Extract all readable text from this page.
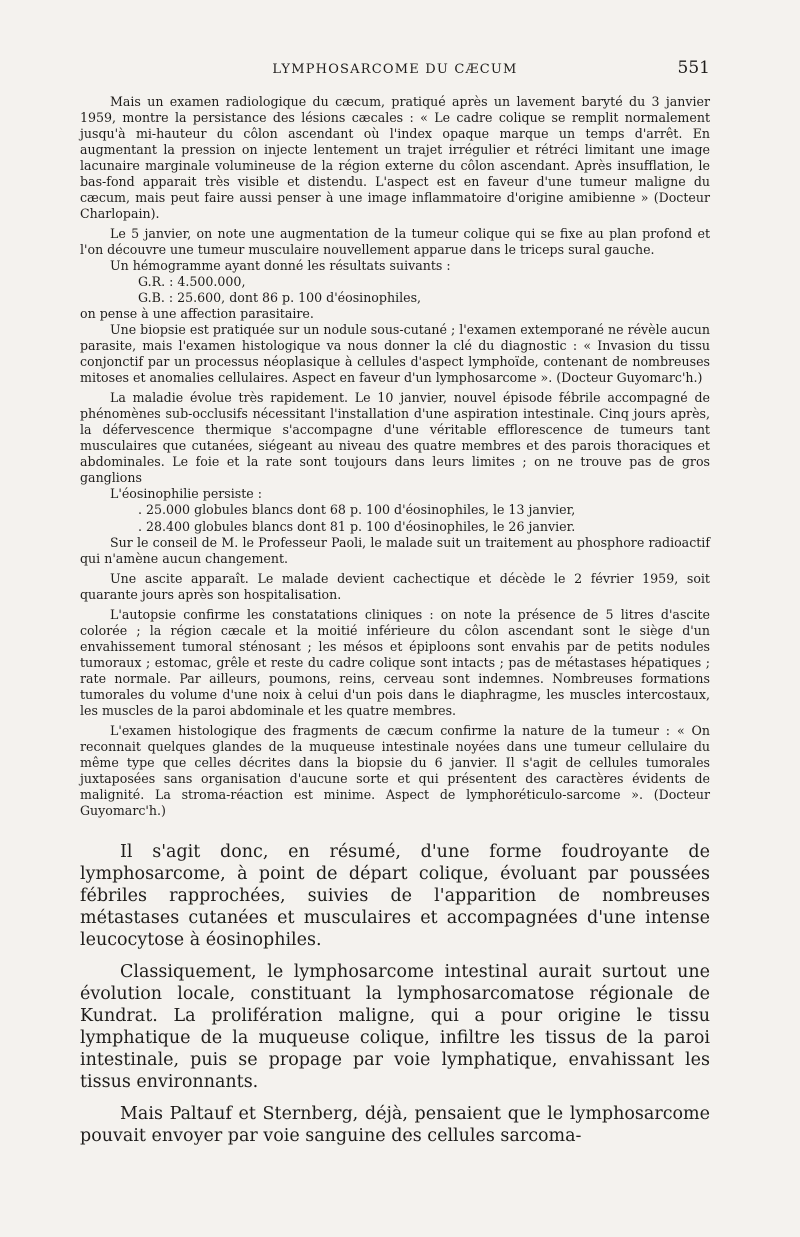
LYMPHOSARCOME DU CÆCUM	551

Mais un examen radiologique du cæcum, pratiqué après un lavement baryté du 3 janvier 1959, montre la persistance des lésions cæcales : « Le cadre colique se remplit normalement jusqu'à mi-hauteur du côlon ascendant où l'index opaque marque un temps d'arrêt. En augmentant la pression on injecte lentement un trajet irrégulier et rétréci limitant une image lacunaire marginale volumineuse de la région externe du côlon ascendant. Après insufflation, le bas-fond apparait très visible et distendu. L'aspect est en faveur d'une tumeur maligne du cæcum, mais peut faire aussi penser à une image inflammatoire d'origine amibienne » (Docteur Charlopain).

Le 5 janvier, on note une augmentation de la tumeur colique qui se fixe au plan profond et l'on découvre une tumeur musculaire nouvellement apparue dans le triceps sural gauche.

Un hémogramme ayant donné les résultats suivants :

G.R. : 4.500.000,
G.B. : 25.600, dont 86 p. 100 d'éosinophiles,

on pense à une affection parasitaire.

Une biopsie est pratiquée sur un nodule sous-cutané ; l'examen extemporané ne révèle aucun parasite, mais l'examen histologique va nous donner la clé du diagnostic : « Invasion du tissu conjonctif par un processus néoplasique à cellules d'aspect lymphoïde, contenant de nombreuses mitoses et anomalies cellulaires. Aspect en faveur d'un lymphosarcome ». (Docteur Guyomarc'h.)

La maladie évolue très rapidement. Le 10 janvier, nouvel épisode fébrile accompagné de phénomènes sub-occlusifs nécessitant l'installation d'une aspiration intestinale. Cinq jours après, la défervescence thermique s'accompagne d'une véritable efflorescence de tumeurs tant musculaires que cutanées, siégeant au niveau des quatre membres et des parois thoraciques et abdominales. Le foie et la rate sont toujours dans leurs limites ; on ne trouve pas de gros ganglions

L'éosinophilie persiste :

. 25.000 globules blancs dont 68 p. 100 d'éosinophiles, le 13 janvier,
. 28.400 globules blancs dont 81 p. 100 d'éosinophiles, le 26 janvier.

Sur le conseil de M. le Professeur Paoli, le malade suit un traitement au phosphore radioactif qui n'amène aucun changement.

Une ascite apparaît. Le malade devient cachectique et décède le 2 février 1959, soit quarante jours après son hospitalisation.

L'autopsie confirme les constatations cliniques : on note la présence de 5 litres d'ascite colorée ; la région cæcale et la moitié inférieure du côlon ascendant sont le siège d'un envahissement tumoral sténosant ; les mésos et épiploons sont envahis par de petits nodules tumoraux ; estomac, grêle et reste du cadre colique sont intacts ; pas de métastases hépatiques ; rate normale. Par ailleurs, poumons, reins, cerveau sont indemnes. Nombreuses formations tumorales du volume d'une noix à celui d'un pois dans le diaphragme, les muscles intercostaux, les muscles de la paroi abdominale et les quatre membres.

L'examen histologique des fragments de cæcum confirme la nature de la tumeur : « On reconnait quelques glandes de la muqueuse intestinale noyées dans une tumeur cellulaire du même type que celles décrites dans la biopsie du 6 janvier. Il s'agit de cellules tumorales juxtaposées sans organisation d'aucune sorte et qui présentent des caractères évidents de malignité. La stroma-réaction est minime. Aspect de lymphoréticulo-sarcome ». (Docteur Guyomarc'h.)

Il s'agit donc, en résumé, d'une forme foudroyante de lymphosarcome, à point de départ colique, évoluant par poussées fébriles rapprochées, suivies de l'apparition de nombreuses métastases cutanées et musculaires et accompagnées d'une intense leucocytose à éosinophiles.

Classiquement, le lymphosarcome intestinal aurait surtout une évolution locale, constituant la lymphosarcomatose régionale de Kundrat. La prolifération maligne, qui a pour origine le tissu lymphatique de la muqueuse colique, infiltre les tissus de la paroi intestinale, puis se propage par voie lymphatique, envahissant les tissus environnants.

Mais Paltauf et Sternberg, déjà, pensaient que le lymphosarcome pouvait envoyer par voie sanguine des cellules sarcoma-
